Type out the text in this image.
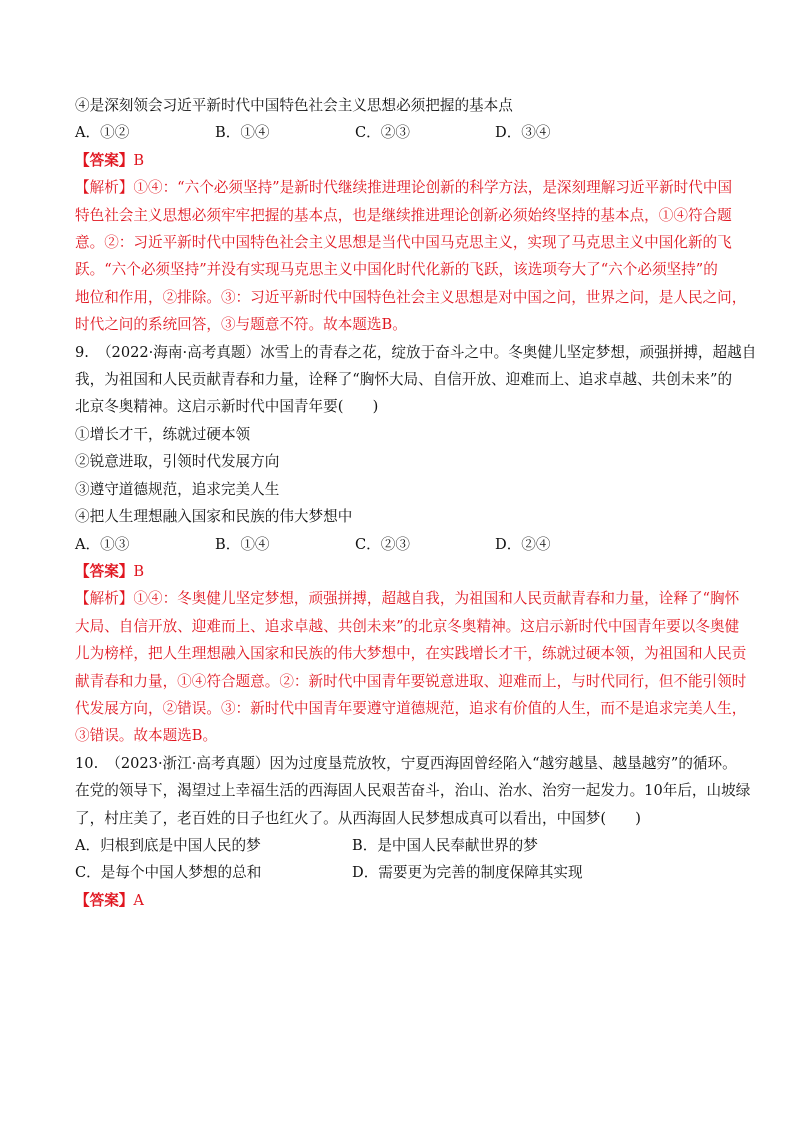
④是深刻领会习近平新时代中国特色社会主义思想必须把握的基本点
A．①②	B．①④	C．②③	D．③④
【答案】B
【解析】①④：“六个必须坚持”是新时代继续推进理论创新的科学方法，是深刻理解习近平新时代中国
特色社会主义思想必须牢牢把握的基本点，也是继续推进理论创新必须始终坚持的基本点，①④符合题
意。②：习近平新时代中国特色社会主义思想是当代中国马克思主义，实现了马克思主义中国化新的飞
跃。“六个必须坚持”并没有实现马克思主义中国化时代化新的飞跃，该选项夸大了“六个必须坚持”的
地位和作用，②排除。③：习近平新时代中国特色社会主义思想是对中国之问，世界之问，是人民之问，
时代之问的系统回答，③与题意不符。故本题选B。
9. （2022·海南·高考真题）冰雪上的青春之花，绽放于奋斗之中。冬奥健儿坚定梦想，顽强拼搏，超越自
我，为祖国和人民贡献青春和力量，诠释了“胸怀大局、自信开放、迎难而上、追求卓越、共创未来”的
北京冬奥精神。这启示新时代中国青年要(　　)
①增长才干，练就过硬本领
②锐意进取，引领时代发展方向
③遵守道德规范，追求完美人生
④把人生理想融入国家和民族的伟大梦想中
A．①③	B．①④	C．②③	D．②④
【答案】B
【解析】①④：冬奥健儿坚定梦想，顽强拼搏，超越自我，为祖国和人民贡献青春和力量，诠释了“胸怀
大局、自信开放、迎难而上、追求卓越、共创未来”的北京冬奥精神。这启示新时代中国青年要以冬奥健
儿为榜样，把人生理想融入国家和民族的伟大梦想中，在实践增长才干，练就过硬本领，为祖国和人民贡
献青春和力量，①④符合题意。②：新时代中国青年要锐意进取、迎难而上，与时代同行，但不能引领时
代发展方向，②错误。③：新时代中国青年要遵守道德规范，追求有价值的人生，而不是追求完美人生，
③错误。故本题选B。
10. （2023·浙江·高考真题）因为过度垦荒放牧，宁夏西海固曾经陷入“越穷越垦、越垦越穷”的循环。
在党的领导下，渴望过上幸福生活的西海固人民艰苦奋斗，治山、治水、治穷一起发力。10年后，山坡绿
了，村庄美了，老百姓的日子也红火了。从西海固人民梦想成真可以看出，中国梦(　　)
A．归根到底是中国人民的梦	B．是中国人民奉献世界的梦
C．是每个中国人梦想的总和	D．需要更为完善的制度保障其实现
【答案】A
